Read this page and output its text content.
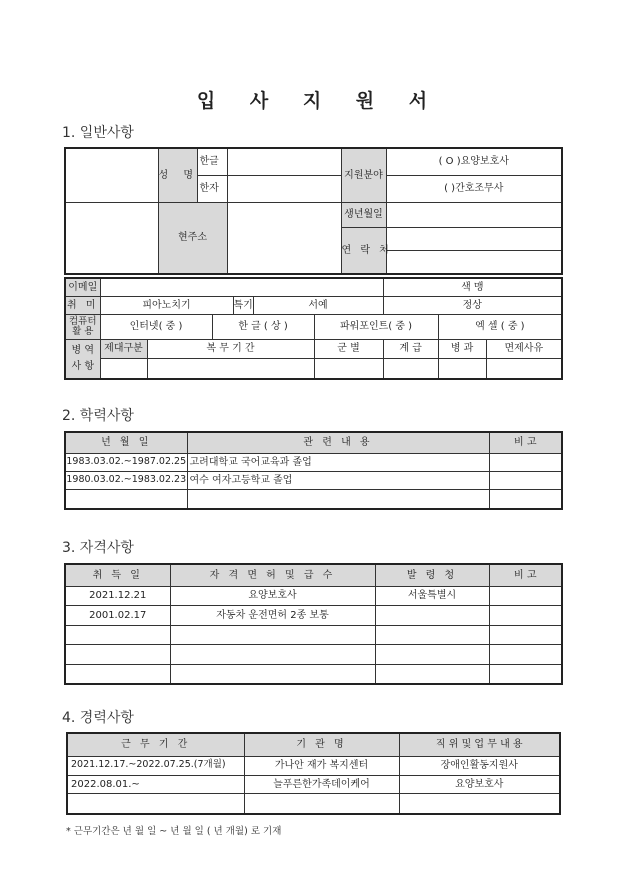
입 사 지 원 서
1. 일반사항
	성 명	한글		지원분야	( O )요양보호사
		한자			( )간호조무사
	현주소			생년월일	
				연 락 처	

이메일							색 맹		
취 미	피아노치기			특기	서예		정상		
컴퓨터 활 용	인터넷( 중 )		한 글 ( 상 )			파워포인트( 중 )		엑 셀 ( 중 )	
병 역 사 항	제대구분	복 무 기 간				군 별	계 급	병 과	면제사유

2. 학력사항
년 월 일	관 련 내 용	비 고
1983.03.02.~1987.02.25	고려대학교 국어교육과 졸업	
1980.03.02.~1983.02.23	여수 여자고등학교 졸업	

3. 자격사항
취 득 일	자 격 면 허 및 급 수	발 령 청	비 고
2021.12.21	요양보호사	서울특별시	
2001.02.17	자동차 운전면허 2종 보통		

4. 경력사항
근 무 기 간	기 관 명	직 위 및 업 무 내 용
2021.12.17.~2022.07.25.(7개월)	가나안 재가 복지센터	장애인활동지원사
2022.08.01.~	늘푸른한가족데이케어	요양보호사

* 근무기간은 년 월 일 ~ 년 월 일 ( 년 개월) 로 기재
